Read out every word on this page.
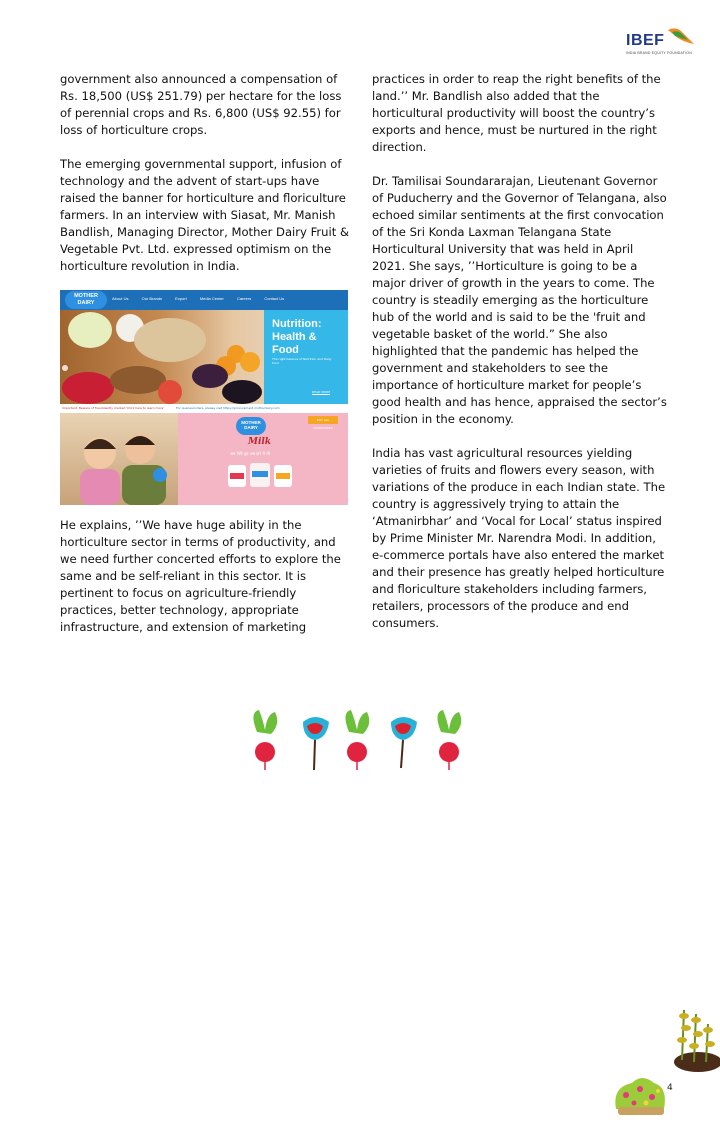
IBEF
INDIA BRAND EQUITY FOUNDATION

government also announced a compensation of Rs. 18,500 (US$ 251.79) per hectare for the loss of perennial crops and Rs. 6,800 (US$ 92.55) for loss of horticulture crops.

The emerging governmental support, infusion of technology and the advent of start-ups have raised the banner for horticulture and floriculture farmers. In an interview with Siasat, Mr. Manish Bandlish, Managing Director, Mother Dairy Fruit & Vegetable Pvt. Ltd. expressed optimism on the horticulture revolution in India.

MOTHER DAIRY
About Us	Our Brands	Export	Media Center	Careers	Contact Us
Nutrition: Health & Food
The right balance of Nutrition and Daily food
READ MORE
Important: Beware of fraudulently marked 'Click here to learn more'	For queries/orders, please visit https://procurement.motherdairy.com
MOTHER DAIRY
BUY ALL CATEGORIES
Milk
अब ऐसी दूध अब हॉर में भी

He explains, ’’We have huge ability in the horticulture sector in terms of productivity, and we need further concerted efforts to explore the same and be self-reliant in this sector. It is pertinent to focus on agriculture-friendly practices, better technology, appropriate infrastructure, and extension of marketing

practices in order to reap the right benefits of the land.’’ Mr. Bandlish also added that the horticultural productivity will boost the country’s exports and hence, must be nurtured in the right direction.

Dr. Tamilisai Soundararajan, Lieutenant Governor of Puducherry and the Governor of Telangana, also echoed similar sentiments at the first convocation of the Sri Konda Laxman Telangana State Horticultural University that was held in April 2021. She says, ’’Horticulture is going to be a major driver of growth in the years to come. The country is steadily emerging as the horticulture hub of the world and is said to be the 'fruit and vegetable basket of the world.” She also highlighted that the pandemic has helped the government and stakeholders to see the importance of horticulture market for people’s good health and has hence, appraised the sector’s position in the economy.

India has vast agricultural resources yielding varieties of fruits and flowers every season, with variations of the produce in each Indian state. The country is aggressively trying to attain the ‘Atmanirbhar’ and ‘Vocal for Local’ status inspired by Prime Minister Mr. Narendra Modi. In addition, e-commerce portals have also entered the market and their presence has greatly helped horticulture and floriculture stakeholders including farmers, retailers, processors of the produce and end consumers.

4
